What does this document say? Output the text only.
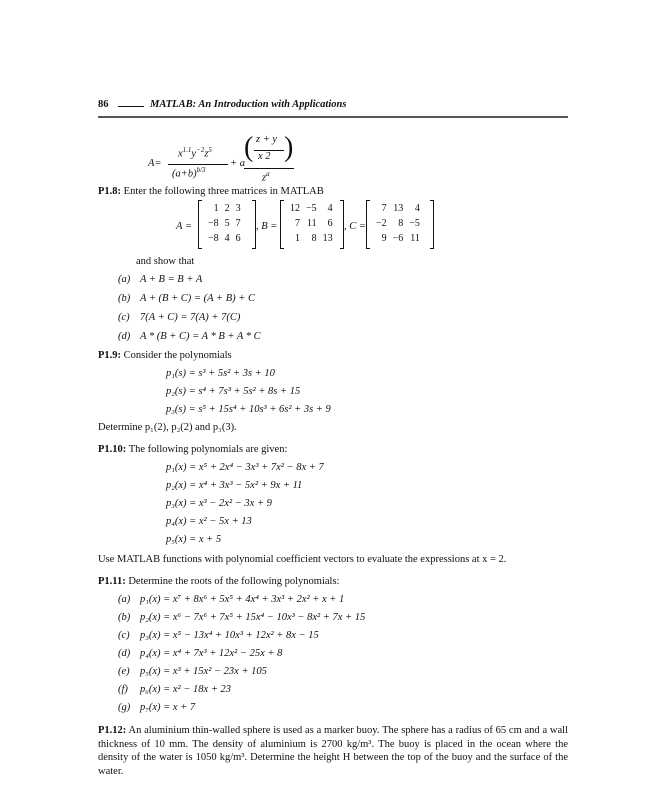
86	MATLAB: An Introduction with Applications
A=
$x^{1.1}y^{-2}z^5$
$(a+b)^{b/3}$
+ a
( z + y
x 2 )
$z^a$
P1.8: Enter the following three matrices in MATLAB
A =
1	2	3
−8	5	7
−8	4	6
, B =
12	−5	4
7	11	6
1	8	13
, C =
7	13	4
−2	8	−5
9	−6	11
and show that
(a) A + B = B + A
(b) A + (B + C) = (A + B) + C
(c) 7(A + C) = 7(A) + 7(C)
(d) A * (B + C) = A * B + A * C
P1.9: Consider the polynomials
p₁(s) = s³ + 5s² + 3s + 10
p₂(s) = s⁴ + 7s³ + 5s² + 8s + 15
p₃(s) = s⁵ + 15s⁴ + 10s³ + 6s² + 3s + 9
Determine p₁(2), p₂(2) and p₃(3).
P1.10: The following polynomials are given:
p₁(x) = x⁵ + 2x⁴ − 3x³ + 7x² − 8x + 7
p₂(x) = x⁴ + 3x³ − 5x² + 9x + 11
p₃(x) = x³ − 2x² − 3x + 9
p₄(x) = x² − 5x + 13
p₅(x) = x + 5
Use MATLAB functions with polynomial coefficient vectors to evaluate the expressions at x = 2.
P1.11: Determine the roots of the following polynomials:
(a) p₁(x) = x⁷ + 8x⁶ + 5x⁵ + 4x⁴ + 3x³ + 2x² + x + 1
(b) p₂(x) = x⁶ − 7x⁶ + 7x⁵ + 15x⁴ − 10x³ − 8x² + 7x + 15
(c) p₃(x) = x⁵ − 13x⁴ + 10x³ + 12x² + 8x − 15
(d) p₄(x) = x⁴ + 7x³ + 12x² − 25x + 8
(e) p₅(x) = x³ + 15x² − 23x + 105
(f) p₆(x) = x² − 18x + 23
(g) p₇(x) = x + 7
P1.12: An aluminium thin-walled sphere is used as a marker buoy. The sphere has a radius of 65 cm and a wall thickness of 10 mm. The density of aluminium is 2700 kg/m³. The buoy is placed in the ocean where the density of the water is 1050 kg/m³. Determine the height H between the top of the buoy and the surface of the water.
